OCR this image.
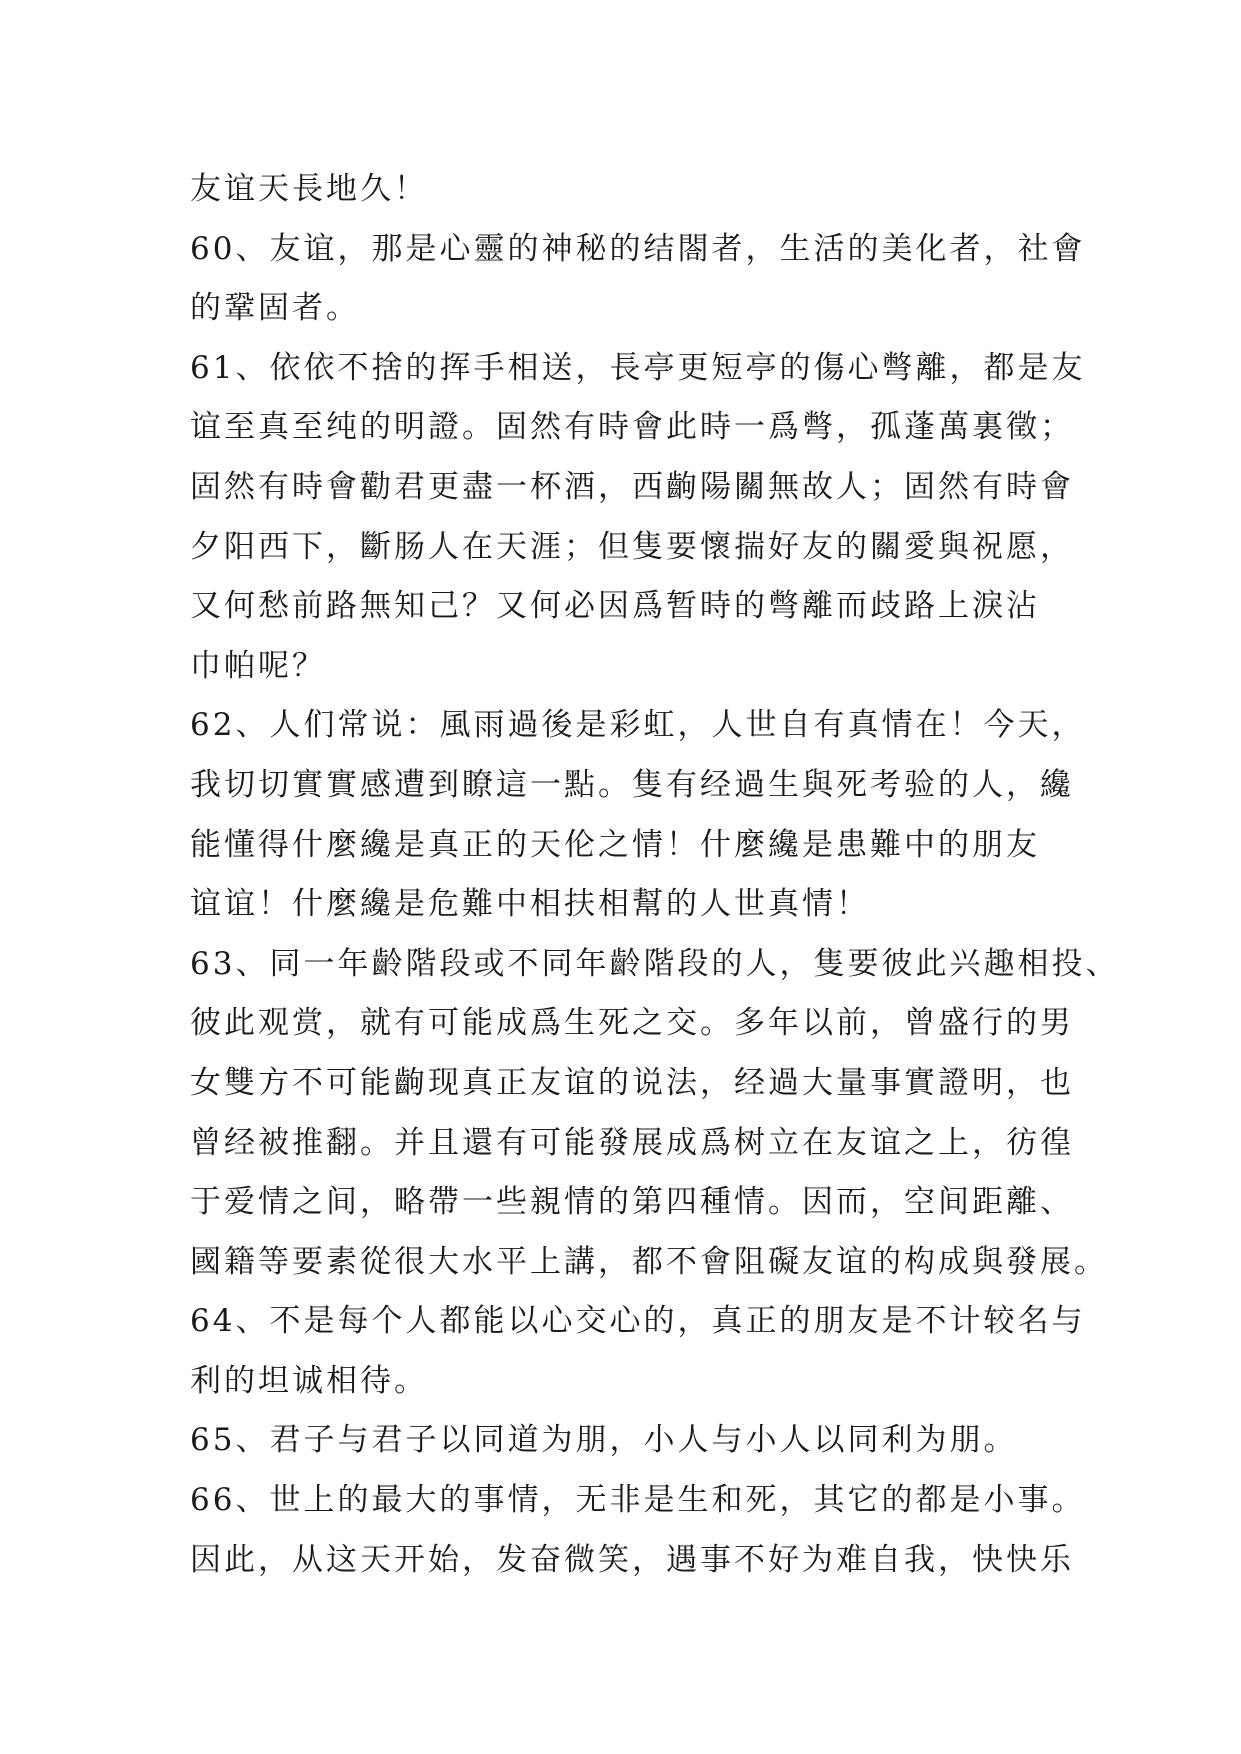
友谊天長地久！
60、友谊，那是心靈的神秘的结閤者，生活的美化者，社會
的鞏固者。
61、依依不捨的挥手相送，長亭更短亭的傷心彆離，都是友
谊至真至纯的明證。固然有時會此時一爲彆，孤蓬萬裏徵；
固然有時會勸君更盡一杯酒，西齣陽關無故人；固然有時會
夕阳西下，斷肠人在天涯；但隻要懷揣好友的關愛與祝愿，
又何愁前路無知己？又何必因爲暂時的彆離而歧路上淚沾
巾帕呢？
62、人们常说：風雨過後是彩虹，人世自有真情在！今天，
我切切實實感遭到瞭這一點。隻有经過生與死考验的人，纔
能懂得什麼纔是真正的天伦之情！什麼纔是患難中的朋友
谊谊！什麼纔是危難中相扶相幫的人世真情！
63、同一年齡階段或不同年齡階段的人，隻要彼此兴趣相投、
彼此观赏，就有可能成爲生死之交。多年以前，曾盛行的男
女雙方不可能齣现真正友谊的说法，经過大量事實證明，也
曾经被推翻。并且還有可能發展成爲树立在友谊之上，彷徨
于爱情之间，略帶一些親情的第四種情。因而，空间距離、
國籍等要素從很大水平上講，都不會阻礙友谊的构成與發展。
64、不是每个人都能以心交心的，真正的朋友是不计较名与
利的坦诚相待。
65、君子与君子以同道为朋，小人与小人以同利为朋。
66、世上的最大的事情，无非是生和死，其它的都是小事。
因此，从这天开始，发奋微笑，遇事不好为难自我，快快乐
